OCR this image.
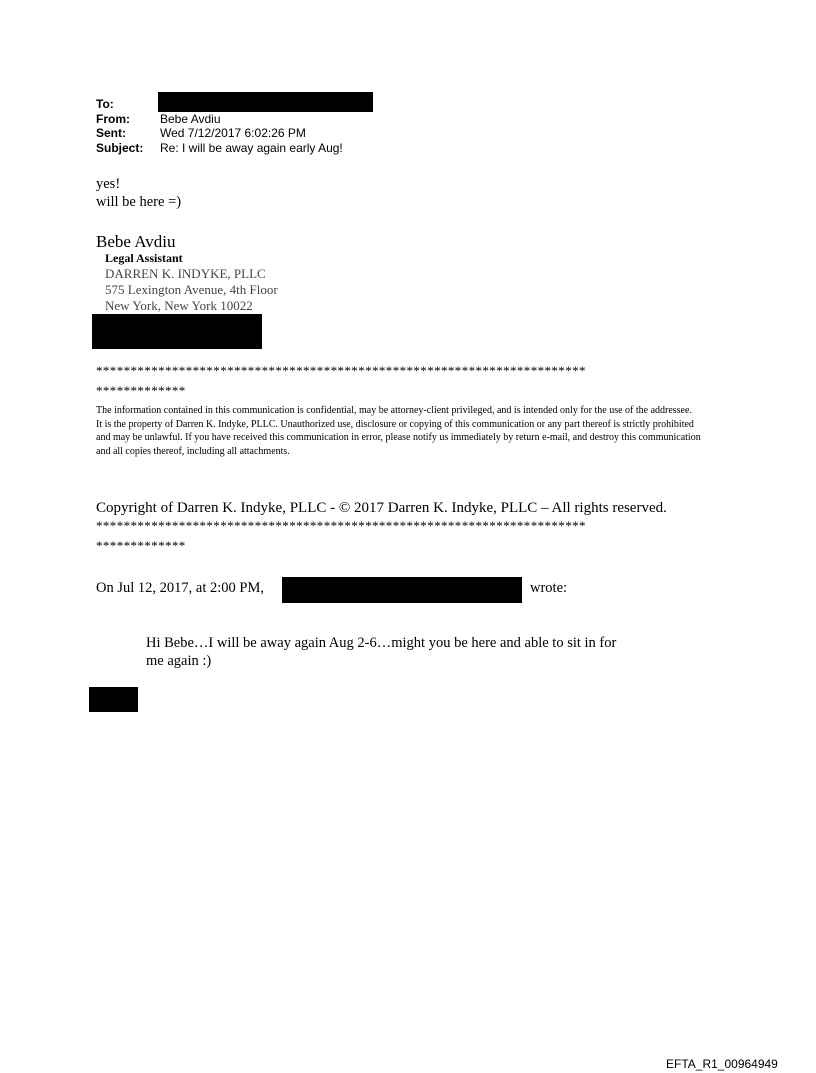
To:
From:	Bebe Avdiu
Sent:	Wed 7/12/2017 6:02:26 PM
Subject:	Re: I will be away again early Aug!
yes!
will be here =)
Bebe Avdiu
Legal Assistant
DARREN K. INDYKE, PLLC
575 Lexington Avenue, 4th Floor
New York, New York 10022
***********************************************************************
*************
The information contained in this communication is confidential, may be attorney-client privileged, and is intended only for the use of the addressee.
It is the property of Darren K. Indyke, PLLC. Unauthorized use, disclosure or copying of this communication or any part thereof is strictly prohibited
and may be unlawful. If you have received this communication in error, please notify us immediately by return e-mail, and destroy this communication
and all copies thereof, including all attachments.
Copyright of Darren K. Indyke, PLLC - © 2017 Darren K. Indyke, PLLC – All rights reserved.
***********************************************************************
*************
On Jul 12, 2017, at 2:00 PM,	wrote:
Hi Bebe…I will be away again Aug 2-6…might you be here and able to sit in for
me again :)
EFTA_R1_00964949
